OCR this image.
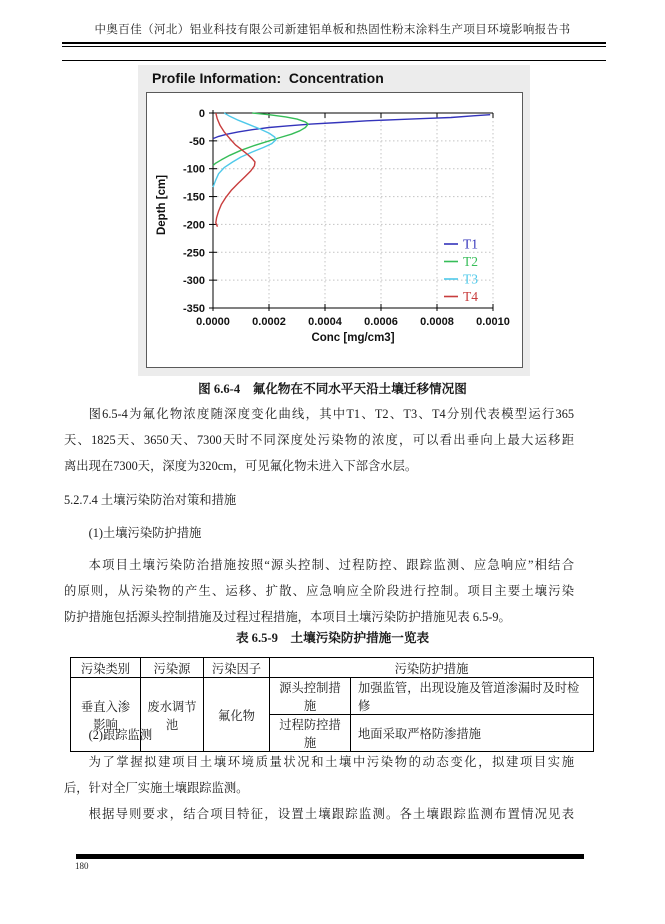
中奥百佳（河北）铝业科技有限公司新建铝单板和热固性粉末涂料生产项目环境影响报告书
Profile Information:  Concentration
0.0000 0.0002 0.0004 0.0006 0.0008 0.0010
0
-50
-100
-150
-200
-250
-300
-350
Conc [mg/cm3]
Depth [cm]
T1
T2
T3
T4
图 6.6-4　氟化物在不同水平天沿土壤迁移情况图
图6.5-4为氟化物浓度随深度变化曲线，其中T1、T2、T3、T4分别代表模型运行365
天、1825天、3650天、7300天时不同深度处污染物的浓度，可以看出垂向上最大运移距
离出现在7300天，深度为320cm，可见氟化物未进入下部含水层。
5.2.7.4 土壤污染防治对策和措施
(1)土壤污染防护措施
本项目土壤污染防治措施按照“源头控制、过程防控、跟踪监测、应急响应”相结合
的原则，从污染物的产生、运移、扩散、应急响应全阶段进行控制。项目主要土壤污染
防护措施包括源头控制措施及过程过程措施，本项目土壤污染防护措施见表 6.5-9。
表 6.5-9　土壤污染防护措施一览表
污染类别	污染源	污染因子	污染防护措施	
垂直入渗影响	废水调节池	氟化物	源头控制措施	加强监管，出现设施及管道渗漏时及时检修
			过程防控措施	地面采取严格防渗措施
(2)跟踪监测
为了掌握拟建项目土壤环境质量状况和土壤中污染物的动态变化，拟建项目实施
后，针对全厂实施土壤跟踪监测。
根据导则要求，结合项目特征，设置土壤跟踪监测。各土壤跟踪监测布置情况见表
180
